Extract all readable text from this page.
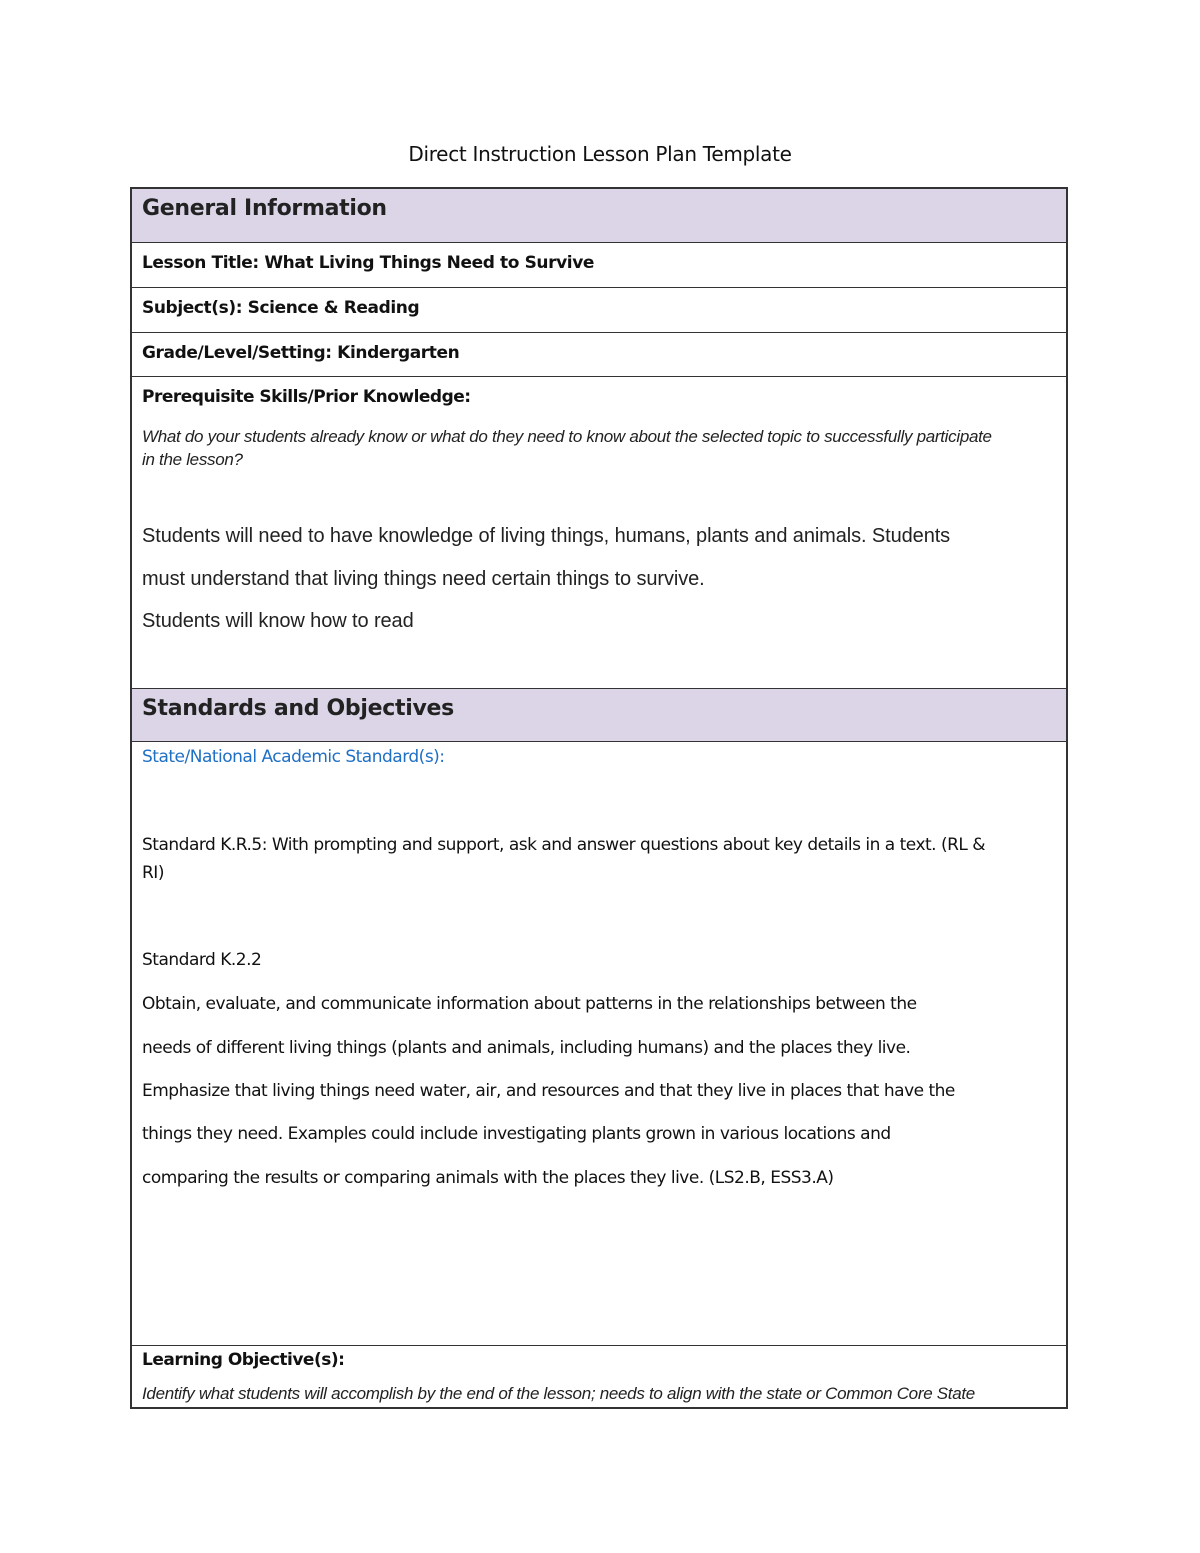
Direct Instruction Lesson Plan Template
General Information
Lesson Title: What Living Things Need to Survive
Subject(s): Science & Reading
Grade/Level/Setting: Kindergarten
Prerequisite Skills/Prior Knowledge:
What do your students already know or what do they need to know about the selected topic to successfully participate in the lesson?
Students will need to have knowledge of living things, humans, plants and animals. Students
must understand that living things need certain things to survive.
Students will know how to read
Standards and Objectives
State/National Academic Standard(s):
Standard K.R.5: With prompting and support, ask and answer questions about key details in a text. (RL &
RI)
Standard K.2.2
Obtain, evaluate, and communicate information about patterns in the relationships between the
needs of different living things (plants and animals, including humans) and the places they live.
Emphasize that living things need water, air, and resources and that they live in places that have the
things they need. Examples could include investigating plants grown in various locations and
comparing the results or comparing animals with the places they live. (LS2.B, ESS3.A)
Learning Objective(s):
Identify what students will accomplish by the end of the lesson; needs to align with the state or Common Core State
